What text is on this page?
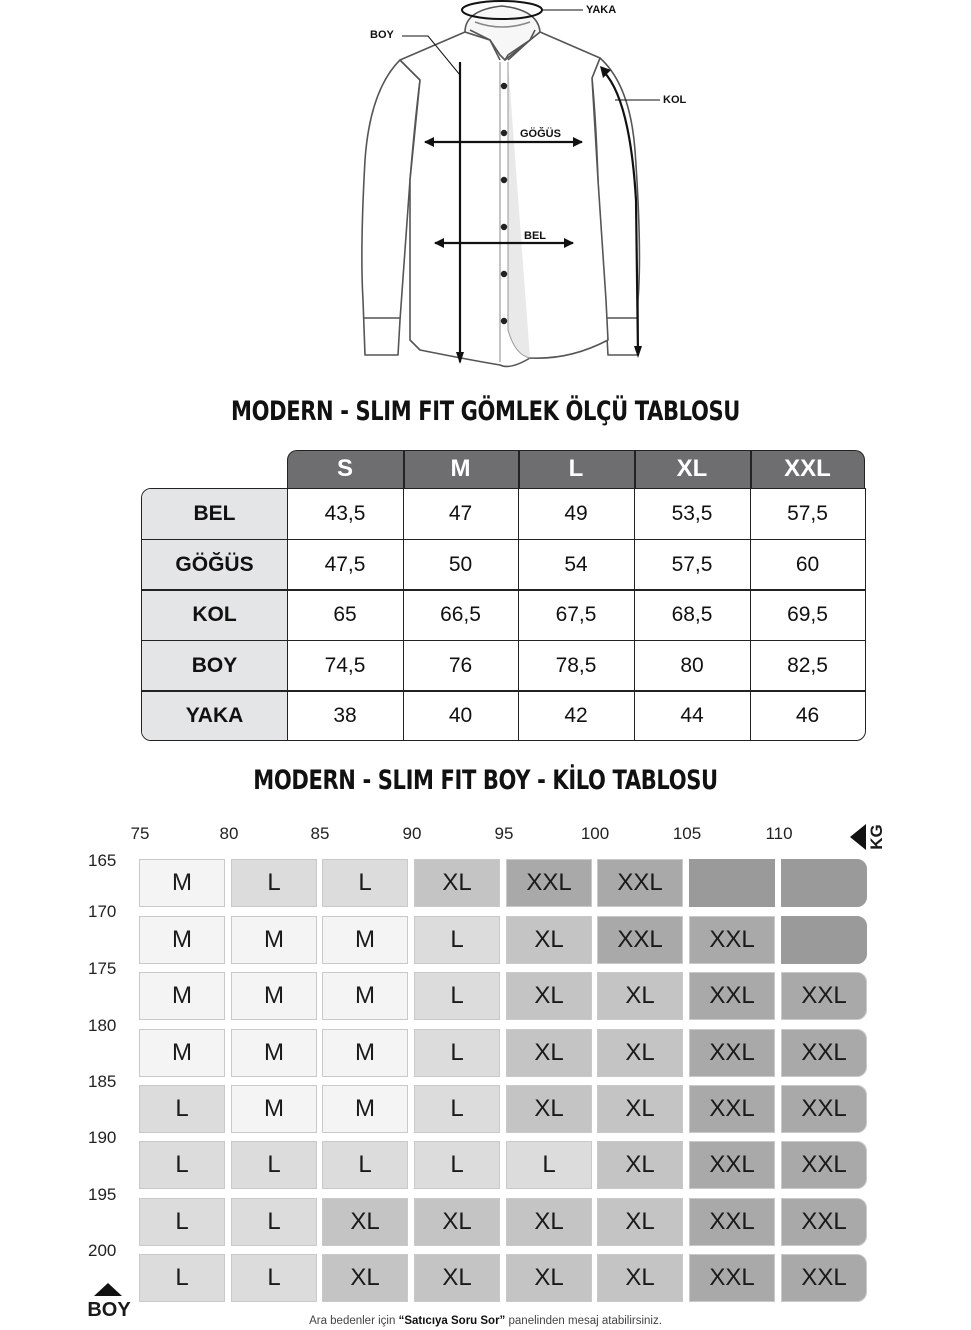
YAKA
BOY
KOL
GÖĞÜS
BEL
MODERN - SLIM FIT GÖMLEK ÖLÇÜ TABLOSU
BEL	43,5	47	49	53,5	57,5
GÖĞÜS	47,5	50	54	57,5	60
KOL	65	66,5	67,5	68,5	69,5
BOY	74,5	76	78,5	80	82,5
YAKA	38	40	42	44	46
S	M	L	XL	XXL
MODERN - SLIM FIT BOY - KİLO TABLOSU
75	80	85	90	95	100	105	110
165
170
175
180
185
190
195
200
M	L	L	XL	XXL	XXL
M	M	M	L	XL	XXL	XXL
M	M	M	L	XL	XL	XXL	XXL
M	M	M	L	XL	XL	XXL	XXL
L	M	M	L	XL	XL	XXL	XXL
L	L	L	L	L	XL	XXL	XXL
L	L	XL	XL	XL	XL	XXL	XXL
L	L	XL	XL	XL	XL	XXL	XXL
KG
BOY	Ara bedenler için “Satıcıya Soru Sor” panelinden mesaj atabilirsiniz.
